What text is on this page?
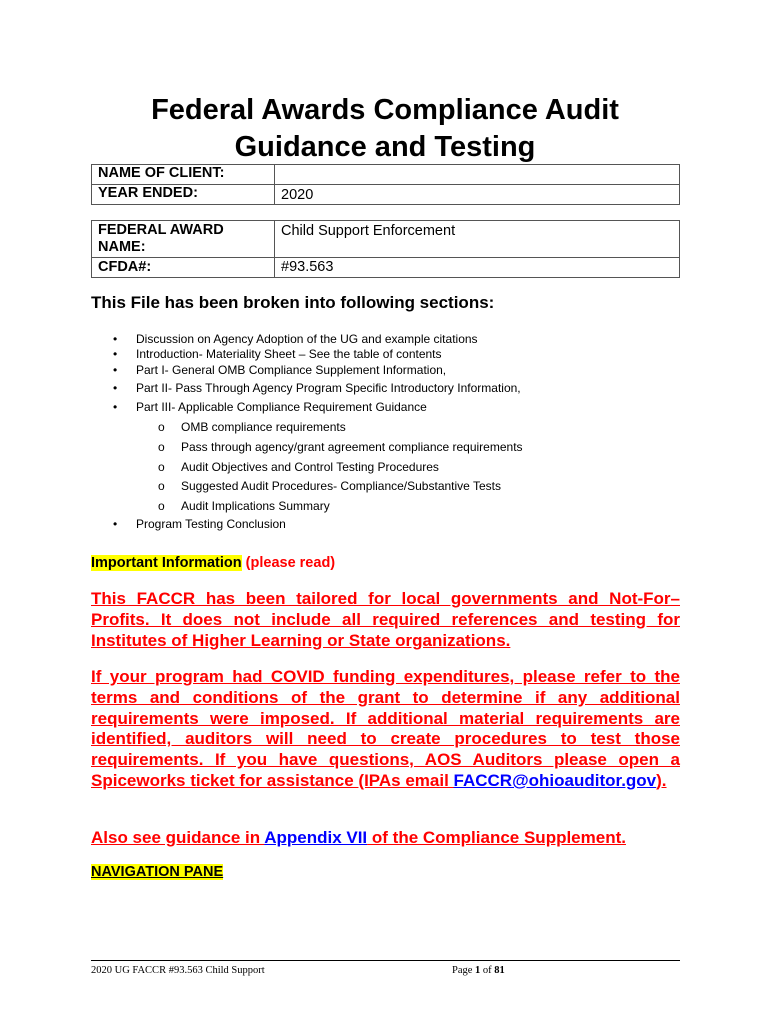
Federal Awards Compliance Audit
Guidance and Testing
NAME OF CLIENT:	
YEAR ENDED:	2020
FEDERAL AWARD NAME:	Child Support Enforcement
CFDA#:	#93.563
This File has been broken into following sections:
• Discussion on Agency Adoption of the UG and example citations
• Introduction- Materiality Sheet – See the table of contents
• Part I- General OMB Compliance Supplement Information,
• Part II- Pass Through Agency Program Specific Introductory Information,
• Part III- Applicable Compliance Requirement Guidance
o OMB compliance requirements
o Pass through agency/grant agreement compliance requirements
o Audit Objectives and Control Testing Procedures
o Suggested Audit Procedures- Compliance/Substantive Tests
o Audit Implications Summary
• Program Testing Conclusion
Important Information (please read)
This FACCR has been tailored for local governments and Not-For–Profits. It does not include all required references and testing for Institutes of Higher Learning or State organizations.
If your program had COVID funding expenditures, please refer to the terms and conditions of the grant to determine if any additional requirements were imposed. If additional material requirements are identified, auditors will need to create procedures to test those requirements. If you have questions, AOS Auditors please open a Spiceworks ticket for assistance (IPAs email FACCR@ohioauditor.gov).
Also see guidance in Appendix VII of the Compliance Supplement.
NAVIGATION PANE
2020 UG FACCR #93.563 Child Support	Page 1 of 81
